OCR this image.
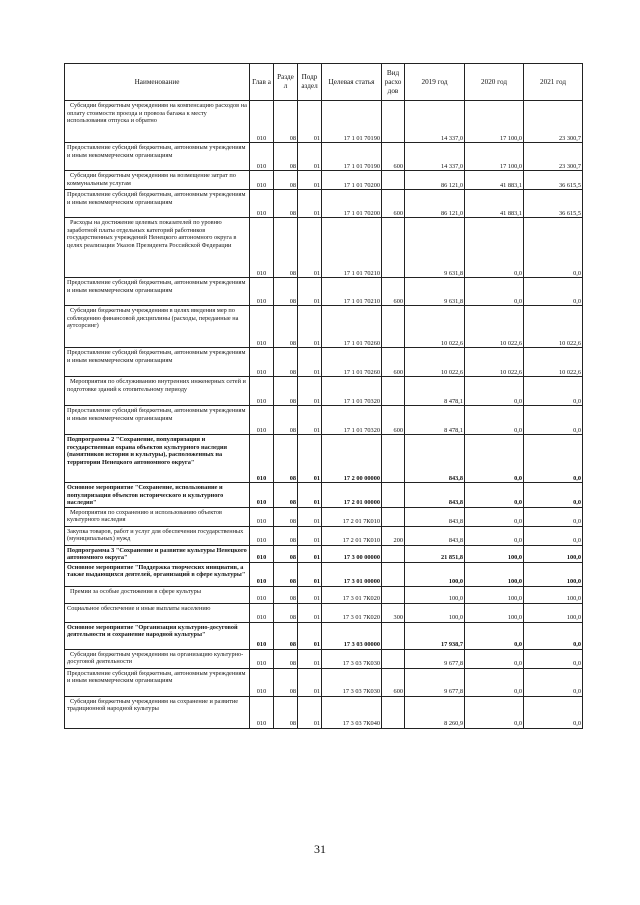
Наименование	Глав а	Разде л	Подр аздел	Целевая статья	Вид расхо дов	2019 год	2020 год	2021 год
Субсидии бюджетным учреждениям на компенсацию расходов на оплату стоимости проезда и провоза багажа к месту использования отпуска и обратно	010	08	01	17 1 01 70190		14 337,0	17 100,0	23 300,7
Предоставление субсидий бюджетным, автономным учреждениям и иным некоммерческим организациям	010	08	01	17 1 01 70190	600	14 337,0	17 100,0	23 300,7
Субсидии бюджетным учреждениям на возмещение затрат по коммунальным услугам	010	08	01	17 1 01 70200		86 121,0	41 883,1	36 615,5
Предоставление субсидий бюджетным, автономным учреждениям и иным некоммерческим организациям	010	08	01	17 1 01 70200	600	86 121,0	41 883,1	36 615,5
Расходы на достижение целевых показателей по уровню заработной платы отдельных категорий работников государственных учреждений Ненецкого автономного округа в целях реализации Указов Президента Российской Федерации	010	08	01	17 1 01 70210		9 631,8	0,0	0,0
Предоставление субсидий бюджетным, автономным учреждениям и иным некоммерческим организациям	010	08	01	17 1 01 70210	600	9 631,8	0,0	0,0
Субсидии бюджетным учреждениям в целях введения мер по соблюдению финансовой дисциплины (расходы, переданные на аутсорсинг)	010	08	01	17 1 01 70260		10 022,6	10 022,6	10 022,6
Предоставление субсидий бюджетным, автономным учреждениям и иным некоммерческим организациям	010	08	01	17 1 01 70260	600	10 022,6	10 022,6	10 022,6
Мероприятия по обслуживанию внутренних инженерных сетей и подготовке зданий к отопительному периоду	010	08	01	17 1 01 70320		8 478,1	0,0	0,0
Предоставление субсидий бюджетным, автономным учреждениям и иным некоммерческим организациям	010	08	01	17 1 01 70320	600	8 478,1	0,0	0,0
Подпрограмма 2 "Сохранение, популяризация и государственная охрана объектов культурного наследия (памятников истории и культуры), расположенных на территории Ненецкого автономного округа"	010	08	01	17 2 00 00000		843,8	0,0	0,0
Основное мероприятие "Сохранение, использование и популяризация объектов исторического и культурного наследия"	010	08	01	17 2 01 00000		843,8	0,0	0,0
Мероприятия по сохранению и использованию объектов культурного наследия	010	08	01	17 2 01 7К010		843,8	0,0	0,0
Закупка товаров, работ и услуг для обеспечения государственных (муниципальных) нужд	010	08	01	17 2 01 7К010	200	843,8	0,0	0,0
Подпрограмма 3 "Сохранение и развитие культуры Ненецкого автономного округа"	010	08	01	17 3 00 00000		21 851,8	100,0	100,0
Основное мероприятие "Поддержка творческих инициатив, а также выдающихся деятелей, организаций в сфере культуры"	010	08	01	17 3 01 00000		100,0	100,0	100,0
Премии за особые достижения в сфере культуры	010	08	01	17 3 01 7К020		100,0	100,0	100,0
Социальное обеспечение и иные выплаты населению	010	08	01	17 3 01 7К020	300	100,0	100,0	100,0
Основное мероприятие "Организация культурно-досуговой деятельности и сохранение народной культуры"	010	08	01	17 3 03 00000		17 938,7	0,0	0,0
Субсидии бюджетным учреждениям на организацию культурно-досуговой деятельности	010	08	01	17 3 03 7К030		9 677,8	0,0	0,0
Предоставление субсидий бюджетным, автономным учреждениям и иным некоммерческим организациям	010	08	01	17 3 03 7К030	600	9 677,8	0,0	0,0
Субсидии бюджетным учреждениям на сохранение и развитие традиционной народной культуры	010	08	01	17 3 03 7К040		8 260,9	0,0	0,0
31
